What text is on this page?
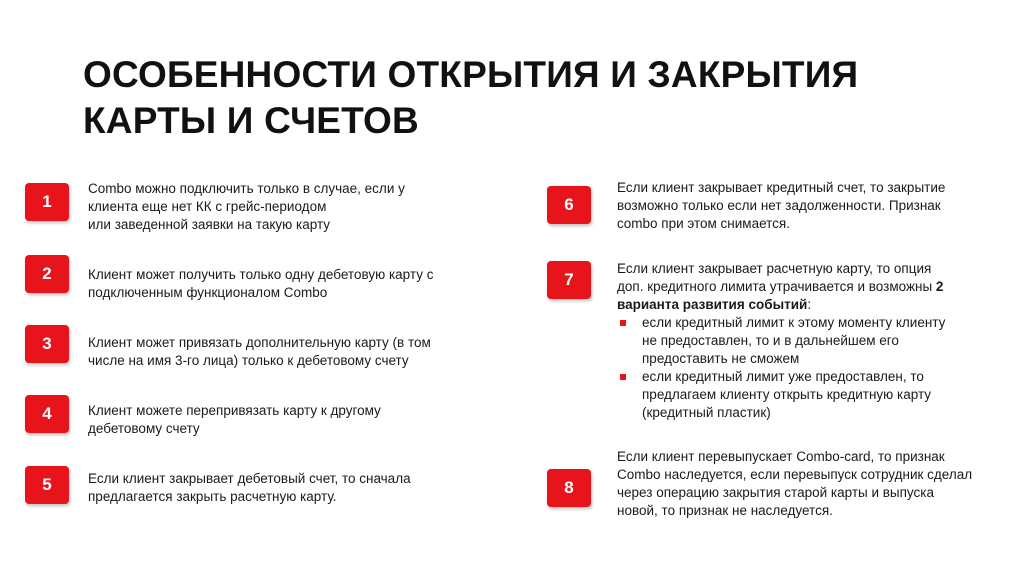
ОСОБЕННОСТИ ОТКРЫТИЯ И ЗАКРЫТИЯ
КАРТЫ И СЧЕТОВ
1

Combo можно подключить только в случае, если у

клиента еще нет КК с грейс-периодом

или заведенной заявки на такую карту

2	Клиент может получить только одну дебетовую карту с

подключенным функционалом Combo

3	Клиент может привязать дополнительную карту (в том

числе на имя 3-го лица) только к дебетовому счету

4	Клиент можете перепривязать карту к другому

дебетовому счету

5	Если клиент закрывает дебетовый счет, то сначала

предлагается закрыть расчетную карту.

6

Если клиент закрывает кредитный счет, то закрытие

возможно только если нет задолженности. Признак

combo при этом снимается.

7

Если клиент закрывает расчетную карту, то опция

доп. кредитного лимита утрачивается и возможны 2

варианта развития событий:

если кредитный лимит к этому моменту клиенту
не предоставлен, то и в дальнейшем его
предоставить не сможем
если кредитный лимит уже предоставлен, то
предлагаем клиенту открыть кредитную карту
(кредитный пластик)
8

Если клиент перевыпускает Combo-card, то признак

Combo наследуется, если перевыпуск сотрудник сделал

через операцию закрытия старой карты и выпуска

новой, то признак не наследуется.
